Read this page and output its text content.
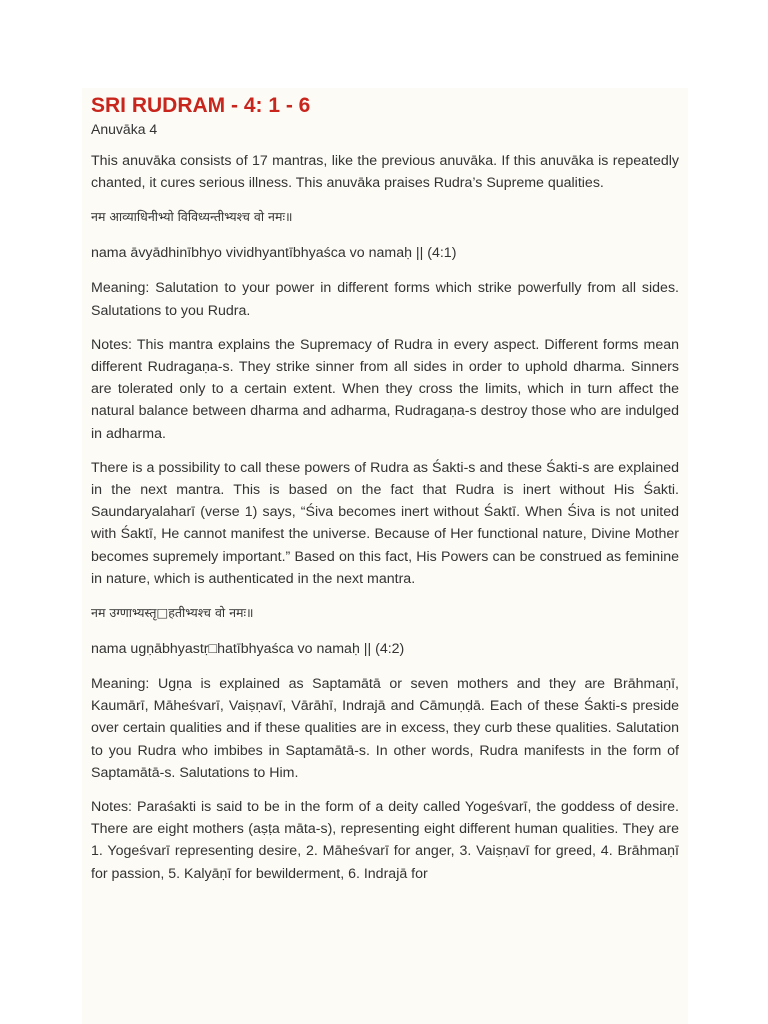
SRI RUDRAM - 4: 1 - 6
Anuvāka 4

This anuvāka consists of 17 mantras, like the previous anuvāka. If this anuvāka is repeatedly chanted, it cures serious illness. This anuvāka praises Rudra’s Supreme qualities.

नम आव्याधिनीभ्यो विविध्यन्तीभ्यश्च वो नमः॥

nama āvyādhinībhyo vividhyantībhyaśca vo namaḥ || (4:1)

Meaning: Salutation to your power in different forms which strike powerfully from all sides. Salutations to you Rudra.

Notes: This mantra explains the Supremacy of Rudra in every aspect. Different forms mean different Rudragaṇa-s. They strike sinner from all sides in order to uphold dharma. Sinners are tolerated only to a certain extent. When they cross the limits, which in turn affect the natural balance between dharma and adharma, Rudragaṇa-s destroy those who are indulged in adharma.

There is a possibility to call these powers of Rudra as Śakti-s and these Śakti-s are explained in the next mantra. This is based on the fact that Rudra is inert without His Śakti. Saundaryalaharī (verse 1) says, “Śiva becomes inert without Śaktī. When Śiva is not united with Śaktī, He cannot manifest the universe. Because of Her functional nature, Divine Mother becomes supremely important.” Based on this fact, His Powers can be construed as feminine in nature, which is authenticated in the next mantra.

नम उग्णाभ्यस्तृ□हतीभ्यश्च वो नमः॥

nama ugṇābhyastṛ□hatībhyaśca vo namaḥ || (4:2)

Meaning: Ugṇa is explained as Saptamātā or seven mothers and they are Brāhmaṇī, Kaumārī, Māheśvarī, Vaiṣṇavī, Vārāhī, Indrajā and Cāmuṇḍā. Each of these Śakti-s preside over certain qualities and if these qualities are in excess, they curb these qualities. Salutation to you Rudra who imbibes in Saptamātā-s. In other words, Rudra manifests in the form of Saptamātā-s. Salutations to Him.

Notes: Paraśakti is said to be in the form of a deity called Yogeśvarī, the goddess of desire. There are eight mothers (aṣṭa māta-s), representing eight different human qualities. They are 1. Yogeśvarī representing desire, 2. Māheśvarī for anger, 3. Vaiṣṇavī for greed, 4. Brāhmaṇī for passion, 5. Kalyāṇī for bewilderment, 6. Indrajā for
